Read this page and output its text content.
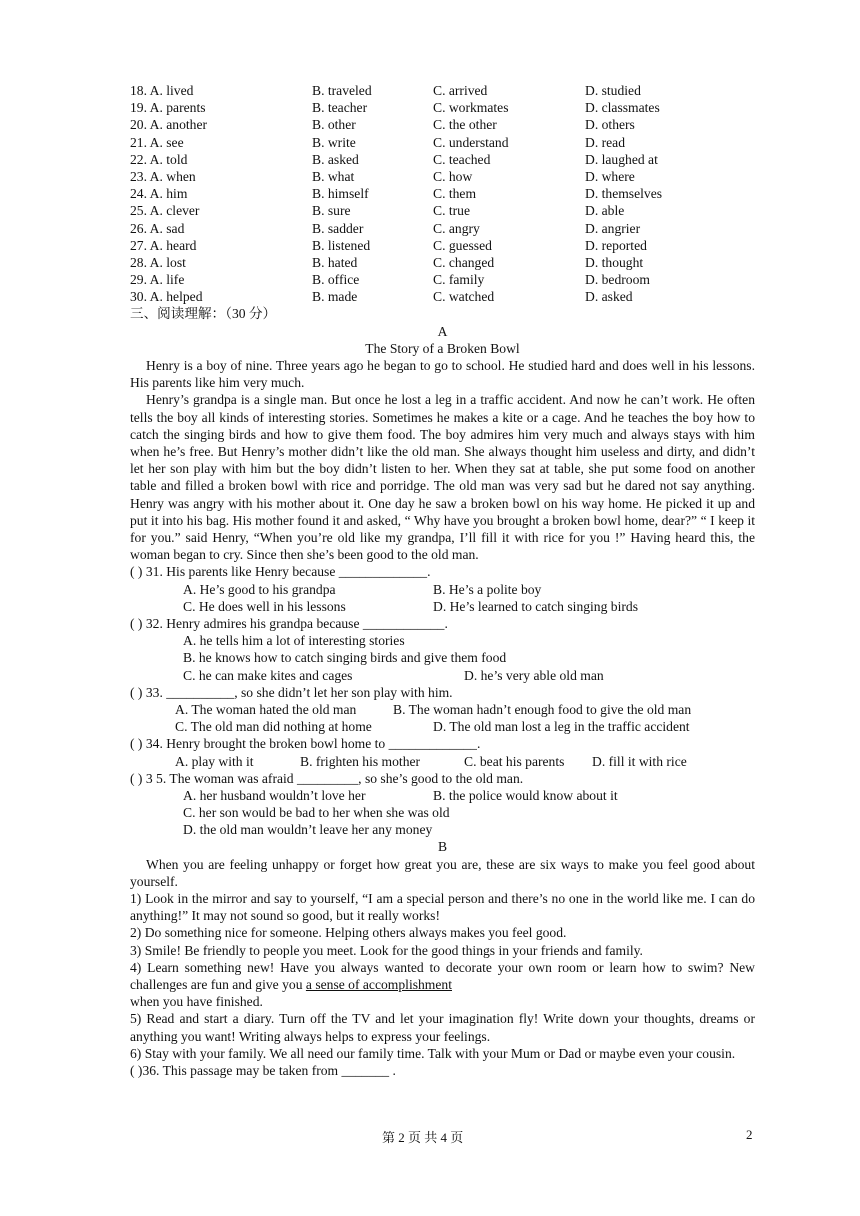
18. A. lived	B. traveled	C. arrived	D. studied
19. A. parents	B. teacher	C. workmates	D. classmates
20. A. another	B. other	C. the other	D. others
21. A. see	B. write	C. understand	D. read
22. A. told	B. asked	C. teached	D. laughed at
23. A. when	B. what	C. how	D. where
24. A. him	B. himself	C. them	D. themselves
25. A. clever	B. sure	C. true	D. able
26. A. sad	B. sadder	C. angry	D. angrier
27. A. heard	B. listened	C. guessed	D. reported
28. A. lost	B. hated	C. changed	D. thought
29. A. life	B. office	C. family	D. bedroom
30. A. helped	B. made	C. watched	D. asked
三、阅读理解：（30 分）
A
The Story of a Broken Bowl
Henry is a boy of nine. Three years ago he began to go to school. He studied hard and does well in his lessons. His parents like him very much.
Henry’s grandpa is a single man. But once he lost a leg in a traffic accident. And now he can’t work. He often tells the boy all kinds of interesting stories. Sometimes he makes a kite or a cage. And he teaches the boy how to catch the singing birds and how to give them food. The boy admires him very much and always stays with him when he’s free. But Henry’s mother didn’t like the old man. She always thought him useless and dirty, and didn’t let her son play with him but the boy didn’t listen to her. When they sat at table, she put some food on another table and filled a broken bowl with rice and porridge. The old man was very sad but he dared not say anything. Henry was angry with his mother about it. One day he saw a broken bowl on his way home. He picked it up and put it into his bag. His mother found it and asked, “ Why have you brought a broken bowl home, dear?” “ I keep it for you.” said Henry, “When you’re old like my grandpa, I’ll fill it with rice for you !” Having heard this, the woman began to cry. Since then she’s been good to the old man.
( ) 31. His parents like Henry because _____________.
A. He’s good to his grandpa	B. He’s a polite boy
C. He does well in his lessons	D. He’s learned to catch singing birds
( ) 32. Henry admires his grandpa because ____________.
A. he tells him a lot of interesting stories
B. he knows how to catch singing birds and give them food
C. he can make kites and cages	D. he’s very able old man
( ) 33. __________, so she didn’t let her son play with him.
A. The woman hated the old man	B. The woman hadn’t enough food to give the old man
C. The old man did nothing at home	D. The old man lost a leg in the traffic accident
( ) 34. Henry brought the broken bowl home to _____________.
A. play with it	B. frighten his mother	C. beat his parents D. fill it with rice
( ) 3 5. The woman was afraid _________, so she’s good to the old man.
A. her husband wouldn’t love her	B. the police would know about it
C. her son would be bad to her when she was old
D. the old man wouldn’t leave her any money
B
When you are feeling unhappy or forget how great you are, these are six ways to make you feel good about yourself.
1) Look in the mirror and say to yourself, “I am a special person and there’s no one in the world like me. I can do anything!” It may not sound so good, but it really works!
2) Do something nice for someone. Helping others always makes you feel good.
3) Smile! Be friendly to people you meet. Look for the good things in your friends and family.
4) Learn something new! Have you always wanted to decorate your own room or learn how to swim? New challenges are fun and give you a sense of accomplishment
when you have finished.
5) Read and start a diary. Turn off the TV and let your imagination fly! Write down your thoughts, dreams or anything you want! Writing always helps to express your feelings.
6) Stay with your family. We all need our family time. Talk with your Mum or Dad or maybe even your cousin.
( )36. This passage may be taken from _______ .
第 2 页 共 4 页	2
